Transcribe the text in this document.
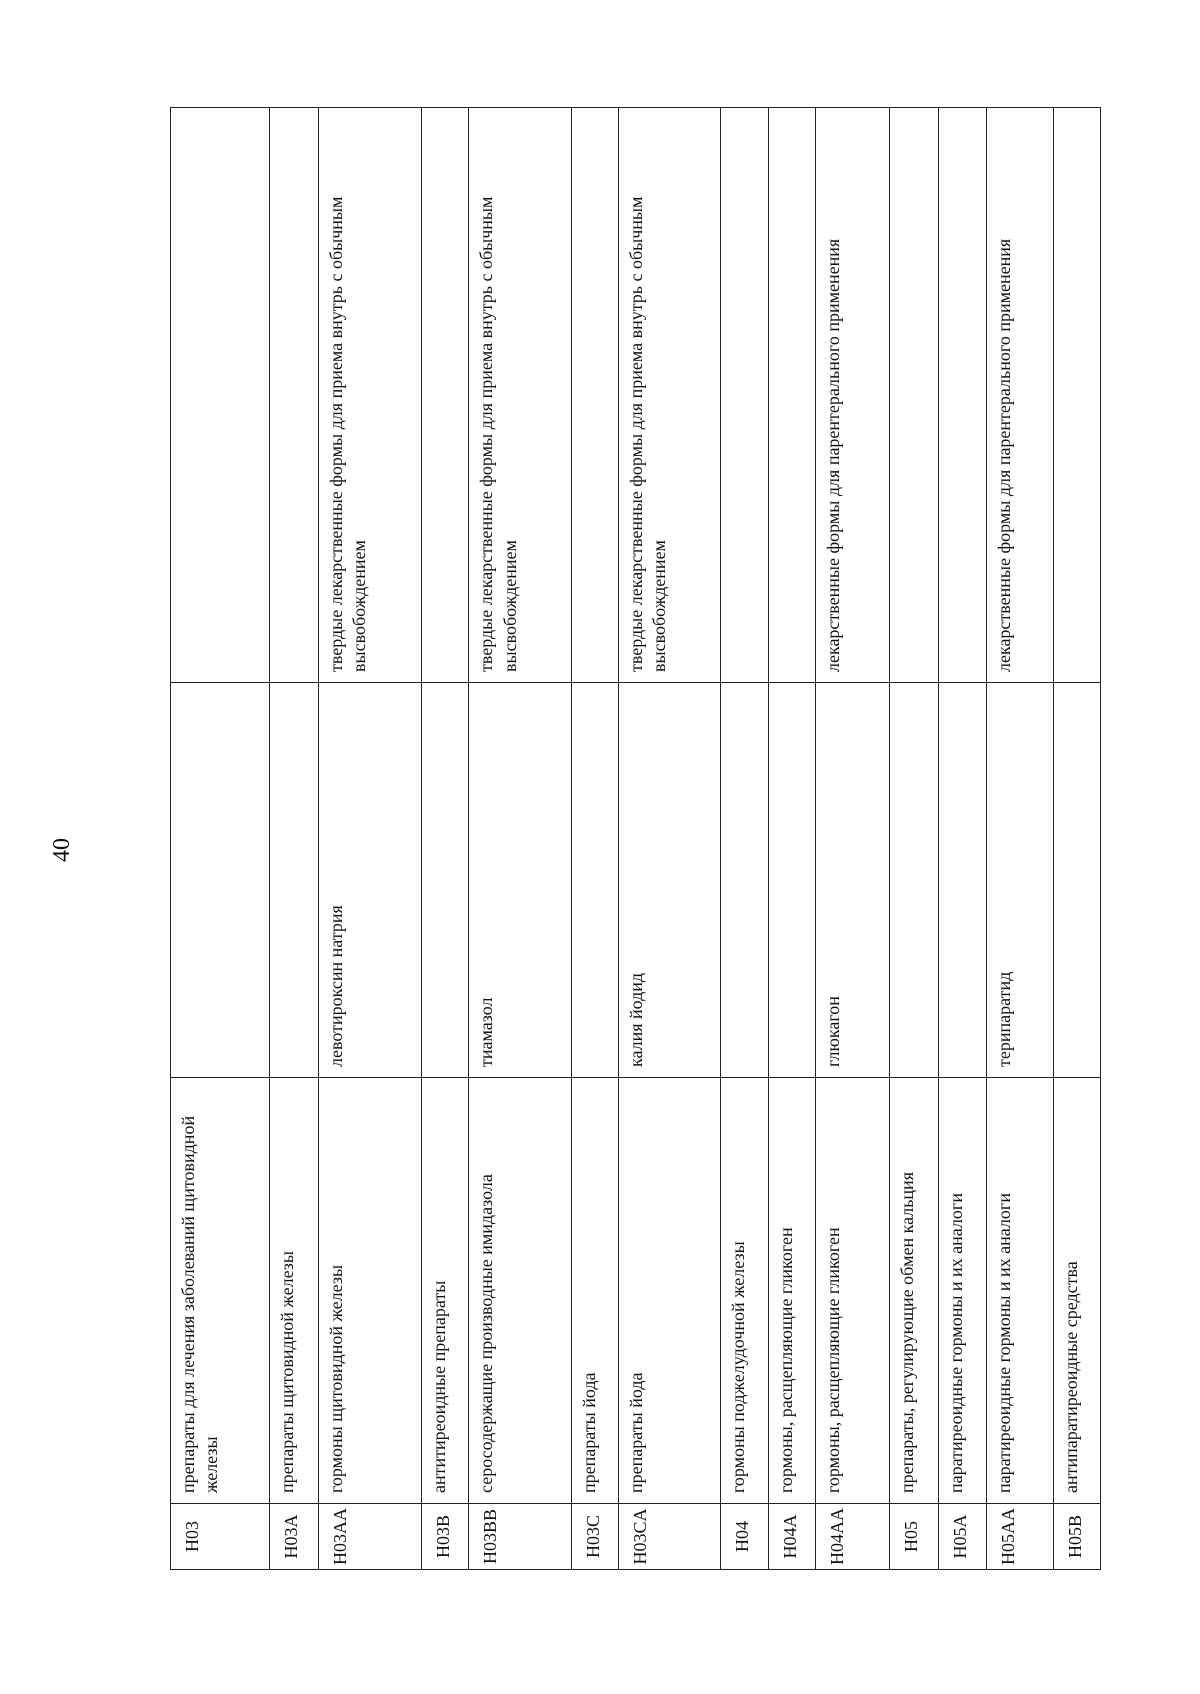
40
H03	препараты для лечения заболеваний щитовидной железы		
H03A	препараты щитовидной железы		
H03AA	гормоны щитовидной железы	левотироксин натрия	твердые лекарственные формы для приема внутрь с обычным высвобождением
H03B	антитиреоидные препараты		
H03BB	серосодержащие производные имидазола	тиамазол	твердые лекарственные формы для приема внутрь с обычным высвобождением
H03C	препараты йода		
H03CA	препараты йода	калия йодид	твердые лекарственные формы для приема внутрь с обычным высвобождением
H04	гормоны поджелудочной железы		
H04A	гормоны, расщепляющие гликоген		
H04AA	гормоны, расщепляющие гликоген	глюкагон	лекарственные формы для парентерального применения
H05	препараты, регулирующие обмен кальция		
H05A	паратиреоидные гормоны и их аналоги		
H05AA	паратиреоидные гормоны и их аналоги	терипаратид	лекарственные формы для парентерального применения
H05B	антипаратиреоидные средства		
